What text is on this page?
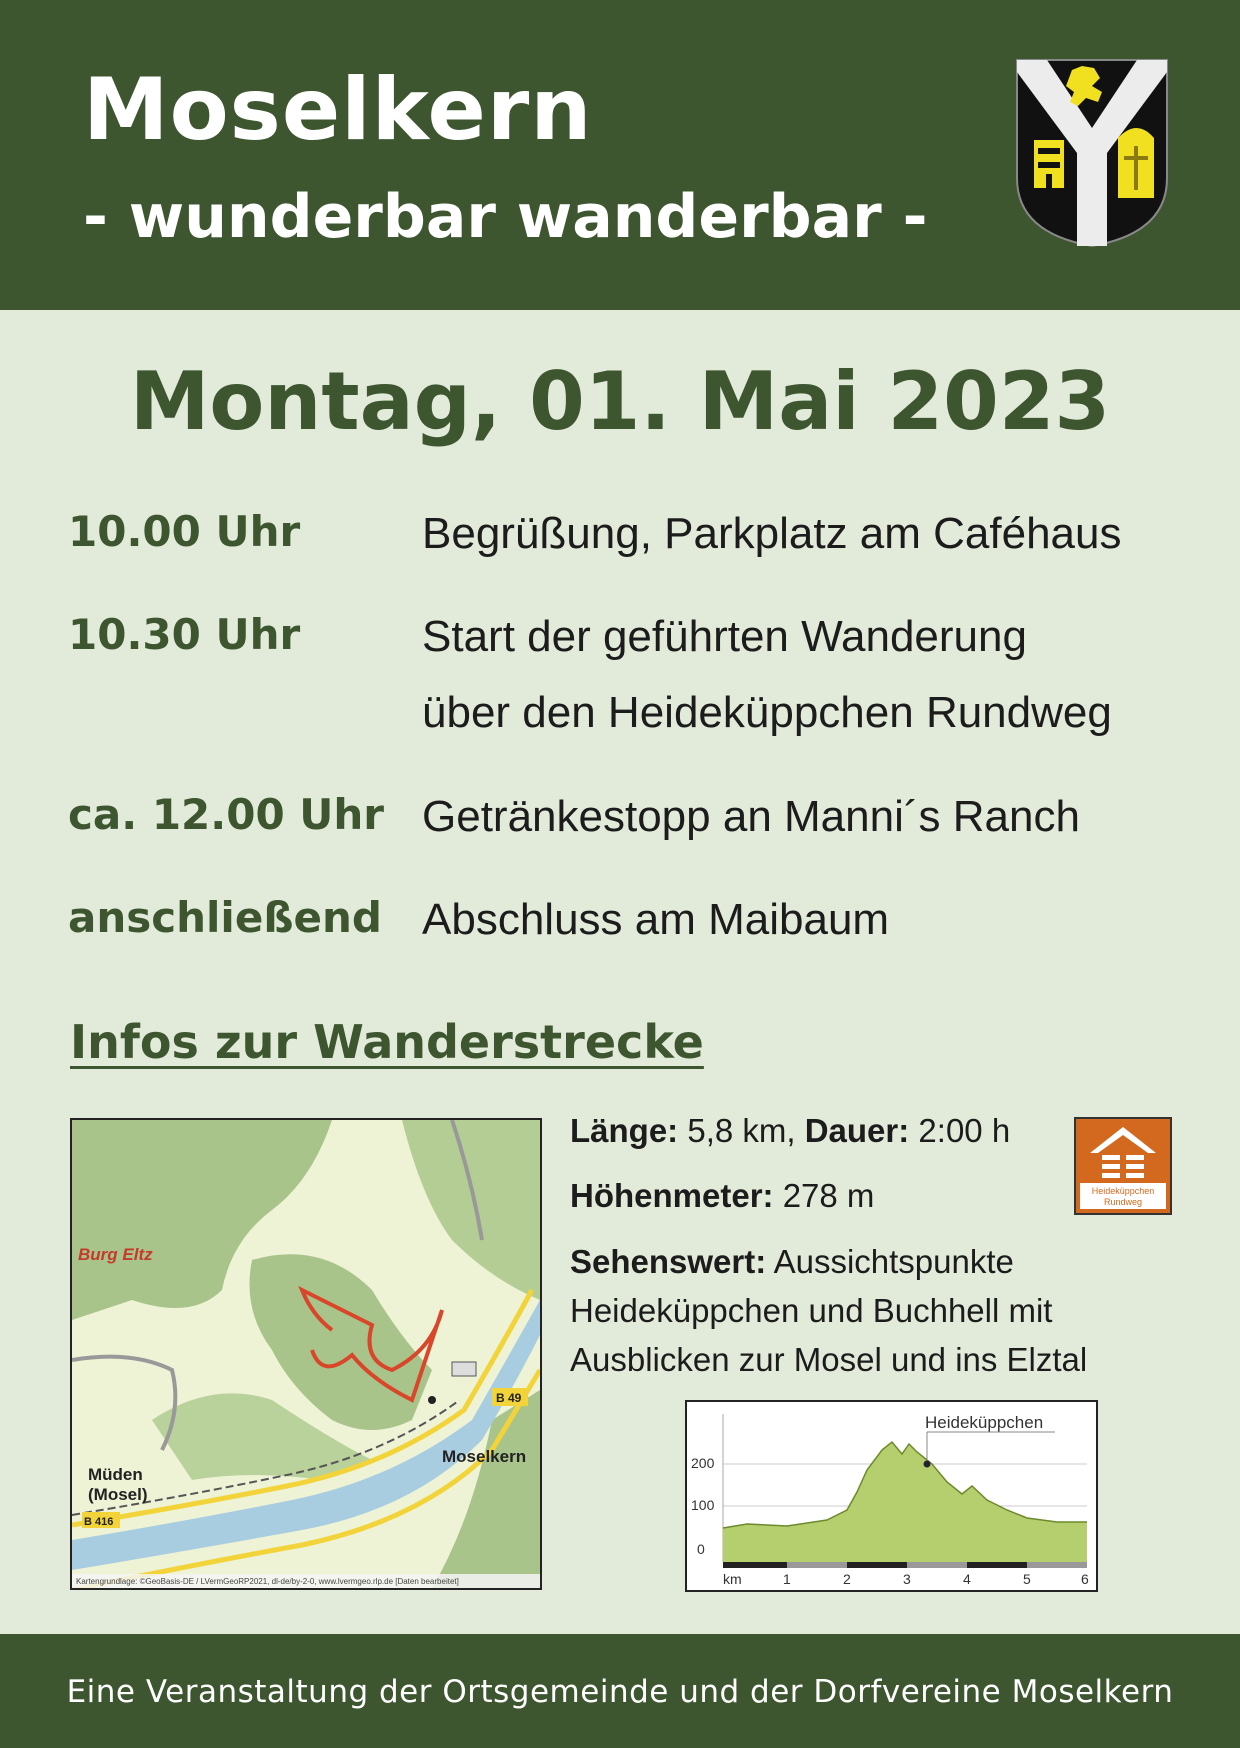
Moselkern
- wunderbar wanderbar -
Montag, 01. Mai 2023
10.00 Uhr	Begrüßung, Parkplatz am Caféhaus
10.30 Uhr	Start der geführten Wanderung
über den Heideküppchen Rundweg
ca. 12.00 Uhr Getränkestopp an Manni´s Ranch
anschließend Abschluss am Maibaum
Infos zur Wanderstrecke
Burg Eltz
Müden
(Mosel)
Moselkern
B 49
B 416
Kartengrundlage: ©GeoBasis-DE / LVermGeoRP2021, dl-de/by-2-0, www.lvermgeo.rlp.de [Daten bearbeitet]
Länge: 5,8 km, Dauer: 2:00 h
Höhenmeter: 278 m
Sehenswert: Aussichtspunkte
Heideküppchen und Buchhell mit
Ausblicken zur Mosel und ins Elztal
Heideküppchen
Rundweg
Heideküppchen
200
100
0
km	1	2	3	4	5	6
Eine Veranstaltung der Ortsgemeinde und der Dorfvereine Moselkern
